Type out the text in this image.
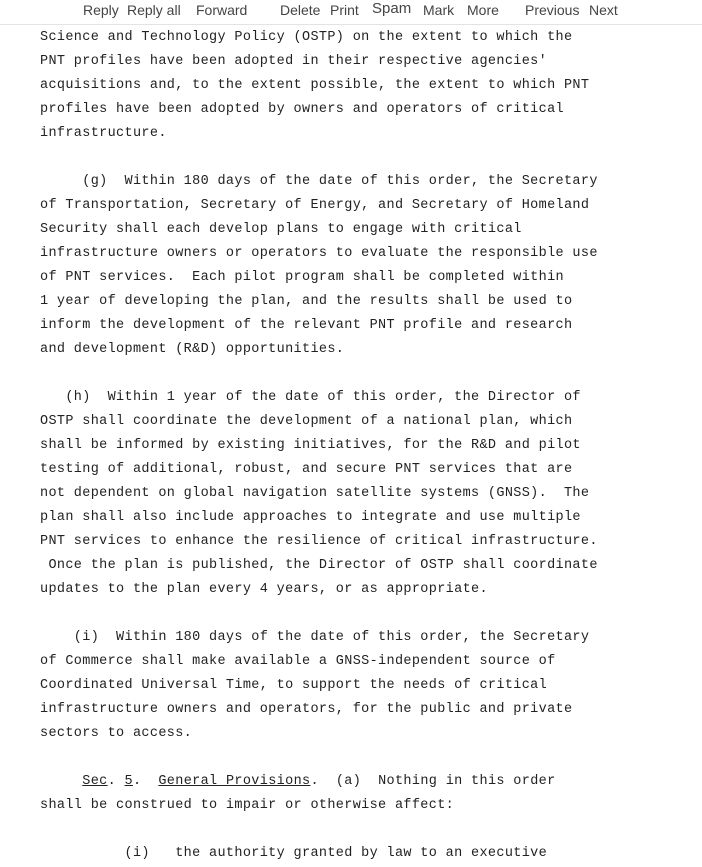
Reply Reply all Forward Delete Print Spam Mark More Previous Next
Science and Technology Policy (OSTP) on the extent to which the
PNT profiles have been adopted in their respective agencies'
acquisitions and, to the extent possible, the extent to which PNT
profiles have been adopted by owners and operators of critical
infrastructure.
(g)  Within 180 days of the date of this order, the Secretary
of Transportation, Secretary of Energy, and Secretary of Homeland
Security shall each develop plans to engage with critical
infrastructure owners or operators to evaluate the responsible use
of PNT services.  Each pilot program shall be completed within
1 year of developing the plan, and the results shall be used to
inform the development of the relevant PNT profile and research
and development (R&D) opportunities.
(h)  Within 1 year of the date of this order, the Director of
OSTP shall coordinate the development of a national plan, which
shall be informed by existing initiatives, for the R&D and pilot
testing of additional, robust, and secure PNT services that are
not dependent on global navigation satellite systems (GNSS).  The
plan shall also include approaches to integrate and use multiple
PNT services to enhance the resilience of critical infrastructure.
Once the plan is published, the Director of OSTP shall coordinate
updates to the plan every 4 years, or as appropriate.
(i)  Within 180 days of the date of this order, the Secretary
of Commerce shall make available a GNSS-independent source of
Coordinated Universal Time, to support the needs of critical
infrastructure owners and operators, for the public and private
sectors to access.
Sec. 5.  General Provisions.  (a)  Nothing in this order
shall be construed to impair or otherwise affect:
(i)   the authority granted by law to an executive
